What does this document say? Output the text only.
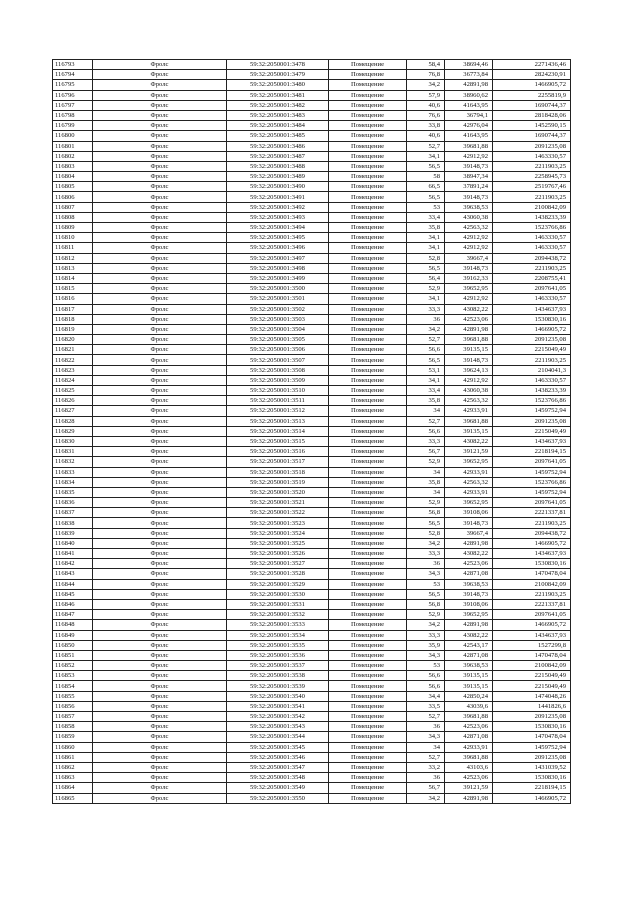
116793	Фролс	59:32:2050001:3478	Помещение	58,4	38694,46	2271436,46
116794	Фролс	59:32:2050001:3479	Помещение	76,8	36773,84	2824230,91
116795	Фролс	59:32:2050001:3480	Помещение	34,2	42891,98	1466905,72
116796	Фролс	59:32:2050001:3481	Помещение	57,9	38960,62	2255819,9
116797	Фролс	59:32:2050001:3482	Помещение	40,6	41643,95	1690744,37
116798	Фролс	59:32:2050001:3483	Помещение	76,6	36794,1	2818428,06
116799	Фролс	59:32:2050001:3484	Помещение	33,8	42976,04	1452590,15
116800	Фролс	59:32:2050001:3485	Помещение	40,6	41643,95	1690744,37
116801	Фролс	59:32:2050001:3486	Помещение	52,7	39681,88	2091235,08
116802	Фролс	59:32:2050001:3487	Помещение	34,1	42912,92	1463330,57
116803	Фролс	59:32:2050001:3488	Помещение	56,5	39148,73	2211903,25
116804	Фролс	59:32:2050001:3489	Помещение	58	38947,34	2258945,73
116805	Фролс	59:32:2050001:3490	Помещение	66,5	37891,24	2519767,46
116806	Фролс	59:32:2050001:3491	Помещение	56,5	39148,73	2211903,25
116807	Фролс	59:32:2050001:3492	Помещение	53	39638,53	2100842,09
116808	Фролс	59:32:2050001:3493	Помещение	33,4	43060,38	1438233,39
116809	Фролс	59:32:2050001:3494	Помещение	35,8	42563,32	1523766,86
116810	Фролс	59:32:2050001:3495	Помещение	34,1	42912,92	1463330,57
116811	Фролс	59:32:2050001:3496	Помещение	34,1	42912,92	1463330,57
116812	Фролс	59:32:2050001:3497	Помещение	52,8	39667,4	2094438,72
116813	Фролс	59:32:2050001:3498	Помещение	56,5	39148,73	2211903,25
116814	Фролс	59:32:2050001:3499	Помещение	56,4	39162,33	2208755,41
116815	Фролс	59:32:2050001:3500	Помещение	52,9	39652,95	2097641,05
116816	Фролс	59:32:2050001:3501	Помещение	34,1	42912,92	1463330,57
116817	Фролс	59:32:2050001:3502	Помещение	33,3	43082,22	1434637,93
116818	Фролс	59:32:2050001:3503	Помещение	36	42523,06	1530830,16
116819	Фролс	59:32:2050001:3504	Помещение	34,2	42891,98	1466905,72
116820	Фролс	59:32:2050001:3505	Помещение	52,7	39681,88	2091235,08
116821	Фролс	59:32:2050001:3506	Помещение	56,6	39135,15	2215049,49
116822	Фролс	59:32:2050001:3507	Помещение	56,5	39148,73	2211903,25
116823	Фролс	59:32:2050001:3508	Помещение	53,1	39624,13	2104041,3
116824	Фролс	59:32:2050001:3509	Помещение	34,1	42912,92	1463330,57
116825	Фролс	59:32:2050001:3510	Помещение	33,4	43060,38	1438233,39
116826	Фролс	59:32:2050001:3511	Помещение	35,8	42563,32	1523766,86
116827	Фролс	59:32:2050001:3512	Помещение	34	42933,91	1459752,94
116828	Фролс	59:32:2050001:3513	Помещение	52,7	39681,88	2091235,08
116829	Фролс	59:32:2050001:3514	Помещение	56,6	39135,15	2215049,49
116830	Фролс	59:32:2050001:3515	Помещение	33,3	43082,22	1434637,93
116831	Фролс	59:32:2050001:3516	Помещение	56,7	39121,59	2218194,15
116832	Фролс	59:32:2050001:3517	Помещение	52,9	39652,95	2097641,05
116833	Фролс	59:32:2050001:3518	Помещение	34	42933,91	1459752,94
116834	Фролс	59:32:2050001:3519	Помещение	35,8	42563,32	1523766,86
116835	Фролс	59:32:2050001:3520	Помещение	34	42933,91	1459752,94
116836	Фролс	59:32:2050001:3521	Помещение	52,9	39652,95	2097641,05
116837	Фролс	59:32:2050001:3522	Помещение	56,8	39108,06	2221337,81
116838	Фролс	59:32:2050001:3523	Помещение	56,5	39148,73	2211903,25
116839	Фролс	59:32:2050001:3524	Помещение	52,8	39667,4	2094438,72
116840	Фролс	59:32:2050001:3525	Помещение	34,2	42891,98	1466905,72
116841	Фролс	59:32:2050001:3526	Помещение	33,3	43082,22	1434637,93
116842	Фролс	59:32:2050001:3527	Помещение	36	42523,06	1530830,16
116843	Фролс	59:32:2050001:3528	Помещение	34,3	42871,08	1470478,04
116844	Фролс	59:32:2050001:3529	Помещение	53	39638,53	2100842,09
116845	Фролс	59:32:2050001:3530	Помещение	56,5	39148,73	2211903,25
116846	Фролс	59:32:2050001:3531	Помещение	56,8	39108,06	2221337,81
116847	Фролс	59:32:2050001:3532	Помещение	52,9	39652,95	2097641,05
116848	Фролс	59:32:2050001:3533	Помещение	34,2	42891,98	1466905,72
116849	Фролс	59:32:2050001:3534	Помещение	33,3	43082,22	1434637,93
116850	Фролс	59:32:2050001:3535	Помещение	35,9	42543,17	1527299,8
116851	Фролс	59:32:2050001:3536	Помещение	34,3	42871,08	1470478,04
116852	Фролс	59:32:2050001:3537	Помещение	53	39638,53	2100842,09
116853	Фролс	59:32:2050001:3538	Помещение	56,6	39135,15	2215049,49
116854	Фролс	59:32:2050001:3539	Помещение	56,6	39135,15	2215049,49
116855	Фролс	59:32:2050001:3540	Помещение	34,4	42850,24	1474048,26
116856	Фролс	59:32:2050001:3541	Помещение	33,5	43039,6	1441826,6
116857	Фролс	59:32:2050001:3542	Помещение	52,7	39681,88	2091235,08
116858	Фролс	59:32:2050001:3543	Помещение	36	42523,06	1530830,16
116859	Фролс	59:32:2050001:3544	Помещение	34,3	42871,08	1470478,04
116860	Фролс	59:32:2050001:3545	Помещение	34	42933,91	1459752,94
116861	Фролс	59:32:2050001:3546	Помещение	52,7	39681,88	2091235,08
116862	Фролс	59:32:2050001:3547	Помещение	33,2	43103,6	1431039,52
116863	Фролс	59:32:2050001:3548	Помещение	36	42523,06	1530830,16
116864	Фролс	59:32:2050001:3549	Помещение	56,7	39121,59	2218194,15
116865	Фролс	59:32:2050001:3550	Помещение	34,2	42891,98	1466905,72
